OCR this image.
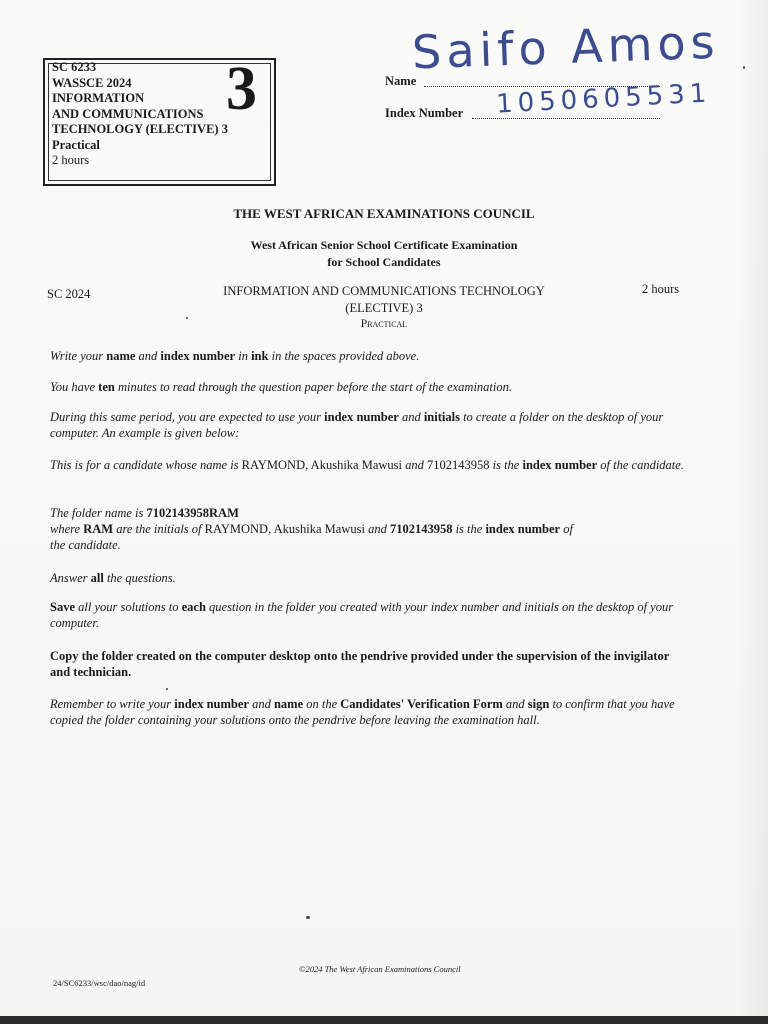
SC 6233
WASSCE 2024
INFORMATION
AND COMMUNICATIONS
TECHNOLOGY (ELECTIVE) 3
Practical
2 hours
3	Name
Saifo Amos
Index Number 1050605531
THE WEST AFRICAN EXAMINATIONS COUNCIL
West African Senior School Certificate Examination
for School Candidates
SC 2024	2 hours
INFORMATION AND COMMUNICATIONS TECHNOLOGY
(ELECTIVE) 3
Practical
Write your name and index number in ink in the spaces provided above.
You have ten minutes to read through the question paper before the start of the examination.
During this same period, you are expected to use your index number and initials to create a folder on the desktop of your computer. An example is given below:
This is for a candidate whose name is RAYMOND, Akushika Mawusi and 7102143958 is the index number of the candidate.
The folder name is 7102143958RAM
where RAM are the initials of RAYMOND, Akushika Mawusi and 7102143958 is the index number of
the candidate.
Answer all the questions.
Save all your solutions to each question in the folder you created with your index number and initials on the desktop of your computer.
Copy the folder created on the computer desktop onto the pendrive provided under the supervision of the invigilator and technician.
Remember to write your index number and name on the Candidates' Verification Form and sign to confirm that you have copied the folder containing your solutions onto the pendrive before leaving the examination hall.
©2024 The West African Examinations Council
24/SC6233/wsc/dao/nag/id
